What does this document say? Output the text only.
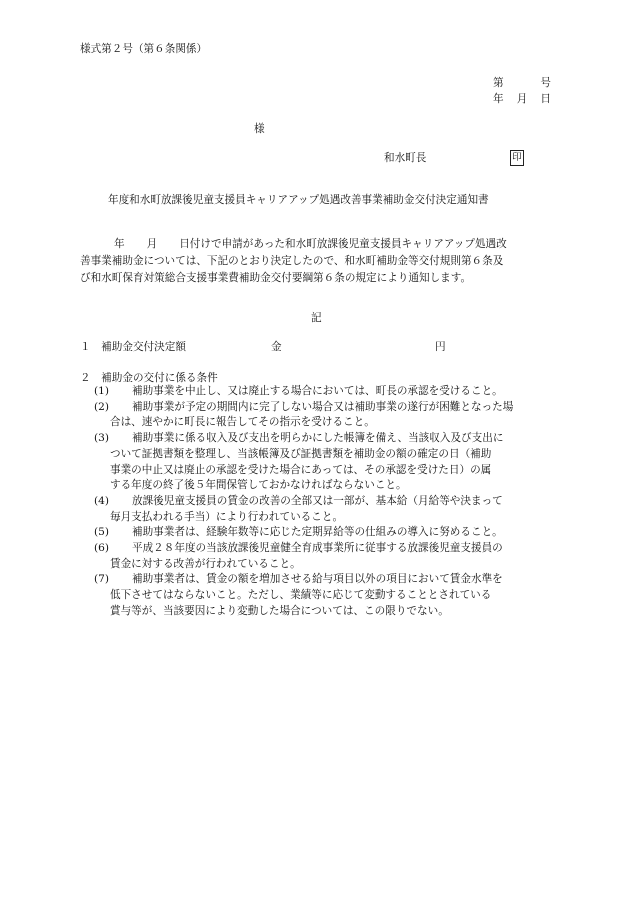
様式第２号（第６条関係）
第	号
年 月 日
様
和水町長	印
年度和水町放課後児童支援員キャリアアップ処遇改善事業補助金交付決定通知書
年 月 日付けで申請があった和水町放課後児童支援員キャリアアップ処遇改
善事業補助金については、下記のとおり決定したので、和水町補助金等交付規則第６条及
び和水町保育対策総合支援事業費補助金交付要綱第６条の規定により通知します。
記
１　補助金交付決定額	金	円
２　補助金の交付に係る条件
(1) 補助事業を中止し、又は廃止する場合においては、町長の承認を受けること。
(2) 補助事業が予定の期間内に完了しない場合又は補助事業の遂行が困難となった場
合は、速やかに町長に報告してその指示を受けること。
(3) 補助事業に係る収入及び支出を明らかにした帳簿を備え、当該収入及び支出に
ついて証拠書類を整理し、当該帳簿及び証拠書類を補助金の額の確定の日（補助
事業の中止又は廃止の承認を受けた場合にあっては、その承認を受けた日）の属
する年度の終了後５年間保管しておかなければならないこと。
(4) 放課後児童支援員の賃金の改善の全部又は一部が、基本給（月給等や決まって
毎月支払われる手当）により行われていること。
(5) 補助事業者は、経験年数等に応じた定期昇給等の仕組みの導入に努めること。
(6) 平成２８年度の当該放課後児童健全育成事業所に従事する放課後児童支援員の
賃金に対する改善が行われていること。
(7) 補助事業者は、賃金の額を増加させる給与項目以外の項目において賃金水準を
低下させてはならないこと。ただし、業績等に応じて変動することとされている
賞与等が、当該要因により変動した場合については、この限りでない。
